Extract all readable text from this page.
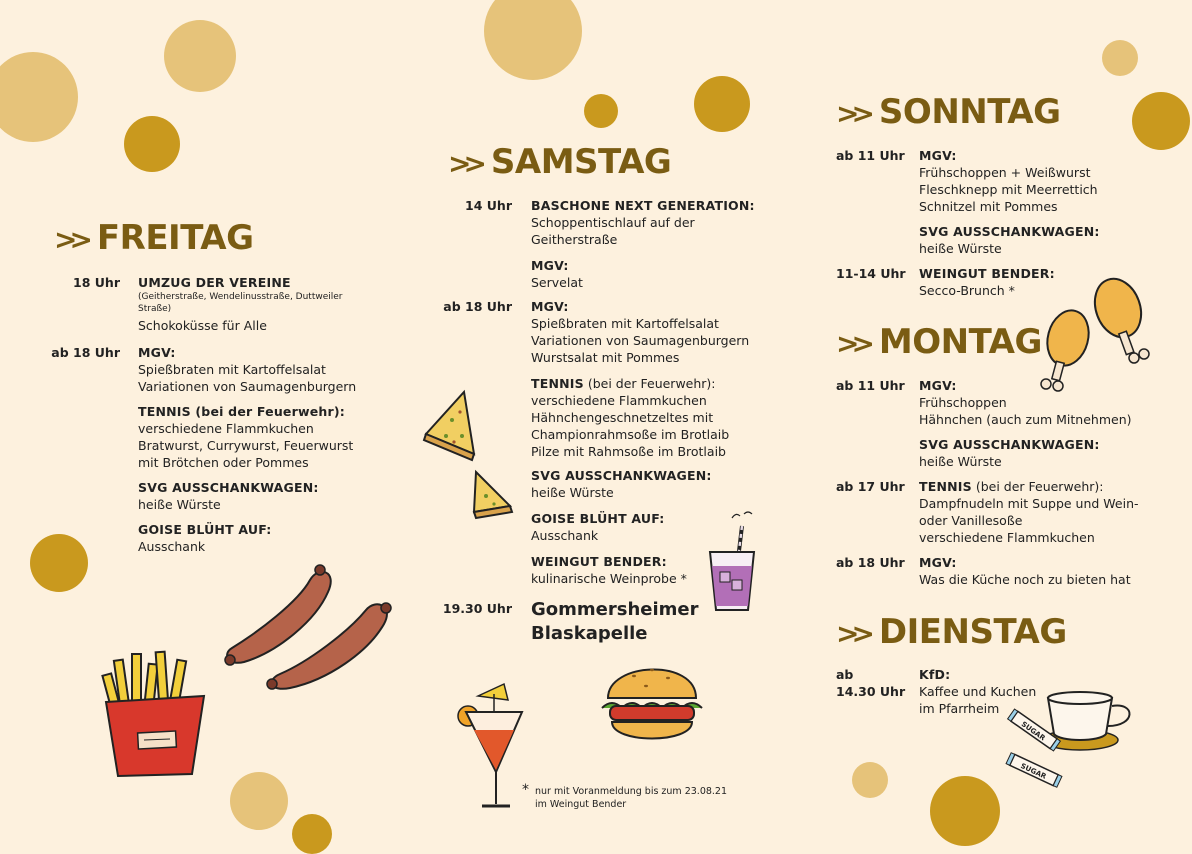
>> FREITAG
18 Uhr UMZUG DER VEREINE
(Geitherstraße, Wendelinusstraße, Duttweiler
Straße)
Schokoküsse für Alle
ab 18 Uhr MGV:
Spießbraten mit Kartoffelsalat
Variationen von Saumagenburgern
TENNIS (bei der Feuerwehr):
verschiedene Flammkuchen
Bratwurst, Currywurst, Feuerwurst
mit Brötchen oder Pommes
SVG AUSSCHANKWAGEN:
heiße Würste
GOISE BLÜHT AUF:
Ausschank
>> SAMSTAG
14 Uhr BASCHONE NEXT GENERATION:
Schoppentischlauf auf der
Geitherstraße
MGV:
Servelat
ab 18 Uhr MGV:
Spießbraten mit Kartoffelsalat
Variationen von Saumagenburgern
Wurstsalat mit Pommes
TENNIS (bei der Feuerwehr):
verschiedene Flammkuchen
Hähnchengeschnetzeltes mit
Championrahmsoße im Brotlaib
Pilze mit Rahmsoße im Brotlaib
SVG AUSSCHANKWAGEN:
heiße Würste
GOISE BLÜHT AUF:
Ausschank
WEINGUT BENDER:
kulinarische Weinprobe *
19.30 Uhr Gommersheimer
Blaskapelle
* nur mit Voranmeldung bis zum 23.08.21
im Weingut Bender
>> SONNTAG
ab 11 Uhr MGV:
Frühschoppen + Weißwurst
Fleschknepp mit Meerrettich
Schnitzel mit Pommes
SVG AUSSCHANKWAGEN:
heiße Würste
11-14 Uhr WEINGUT BENDER:
Secco-Brunch *
>> MONTAG
ab 11 Uhr MGV:
Frühschoppen
Hähnchen (auch zum Mitnehmen)
SVG AUSSCHANKWAGEN:
heiße Würste
ab 17 Uhr TENNIS (bei der Feuerwehr):
Dampfnudeln mit Suppe und Wein-
oder Vanillesoße
verschiedene Flammkuchen
ab 18 Uhr MGV:
Was die Küche noch zu bieten hat
>> DIENSTAG
ab
14.30 Uhr
KfD:
Kaffee und Kuchen
im Pfarrheim
SUGAR
SUGAR
